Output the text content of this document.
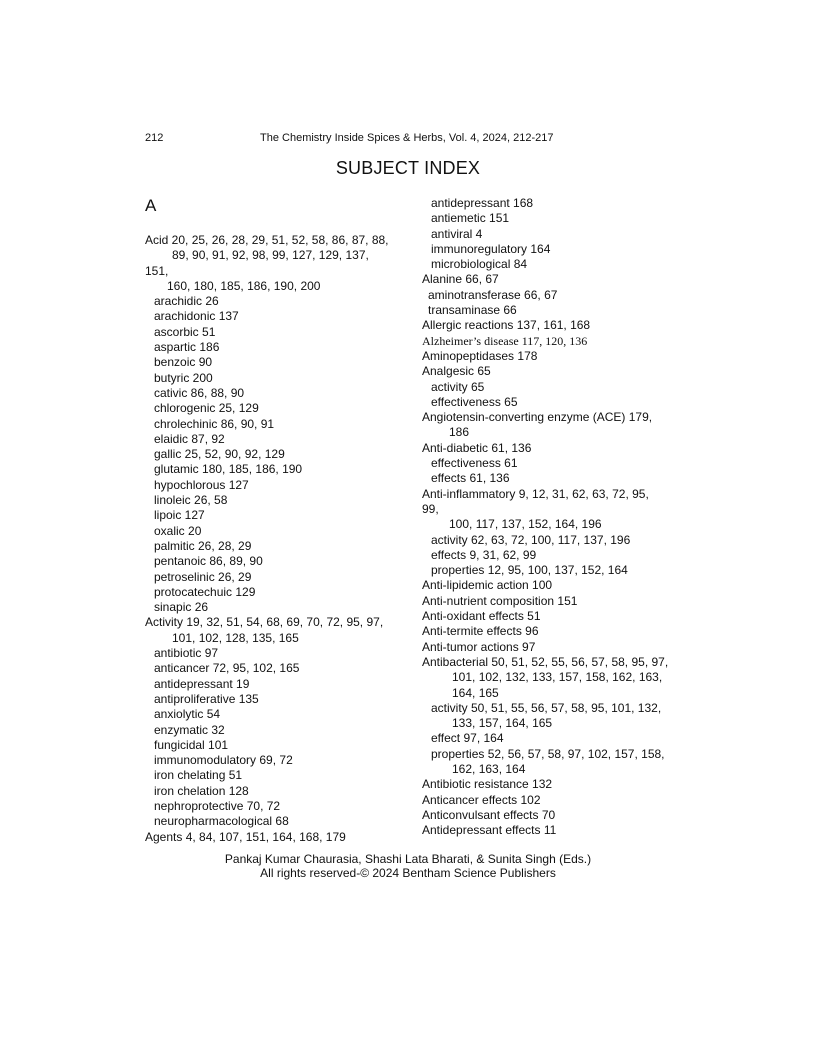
212	The Chemistry Inside Spices & Herbs, Vol. 4, 2024, 212-217
SUBJECT INDEX
A
Acid 20, 25, 26, 28, 29, 51, 52, 58, 86, 87, 88,
89, 90, 91, 92, 98, 99, 127, 129, 137,
151,
160, 180, 185, 186, 190, 200
arachidic 26
arachidonic 137
ascorbic 51
aspartic 186
benzoic 90
butyric 200
cativic 86, 88, 90
chlorogenic 25, 129
chrolechinic 86, 90, 91
elaidic 87, 92
gallic 25, 52, 90, 92, 129
glutamic 180, 185, 186, 190
hypochlorous 127
linoleic 26, 58
lipoic 127
oxalic 20
palmitic 26, 28, 29
pentanoic 86, 89, 90
petroselinic 26, 29
protocatechuic 129
sinapic 26
Activity 19, 32, 51, 54, 68, 69, 70, 72, 95, 97,
101, 102, 128, 135, 165
antibiotic 97
anticancer 72, 95, 102, 165
antidepressant 19
antiproliferative 135
anxiolytic 54
enzymatic 32
fungicidal 101
immunomodulatory 69, 72
iron chelating 51
iron chelation 128
nephroprotective 70, 72
neuropharmacological 68
Agents 4, 84, 107, 151, 164, 168, 179
antidepressant 168
antiemetic 151
antiviral 4
immunoregulatory 164
microbiological 84
Alanine 66, 67
aminotransferase 66, 67
transaminase 66
Allergic reactions 137, 161, 168
Alzheimer’s disease 117, 120, 136
Aminopeptidases 178
Analgesic 65
activity 65
effectiveness 65
Angiotensin-converting enzyme (ACE) 179,
186
Anti-diabetic 61, 136
effectiveness 61
effects 61, 136
Anti-inflammatory 9, 12, 31, 62, 63, 72, 95,
99,
100, 117, 137, 152, 164, 196
activity 62, 63, 72, 100, 117, 137, 196
effects 9, 31, 62, 99
properties 12, 95, 100, 137, 152, 164
Anti-lipidemic action 100
Anti-nutrient composition 151
Anti-oxidant effects 51
Anti-termite effects 96
Anti-tumor actions 97
Antibacterial 50, 51, 52, 55, 56, 57, 58, 95, 97,
101, 102, 132, 133, 157, 158, 162, 163,
164, 165
activity 50, 51, 55, 56, 57, 58, 95, 101, 132,
133, 157, 164, 165
effect 97, 164
properties 52, 56, 57, 58, 97, 102, 157, 158,
162, 163, 164
Antibiotic resistance 132
Anticancer effects 102
Anticonvulsant effects 70
Antidepressant effects 11
Pankaj Kumar Chaurasia, Shashi Lata Bharati, & Sunita Singh (Eds.)
All rights reserved-© 2024 Bentham Science Publishers
